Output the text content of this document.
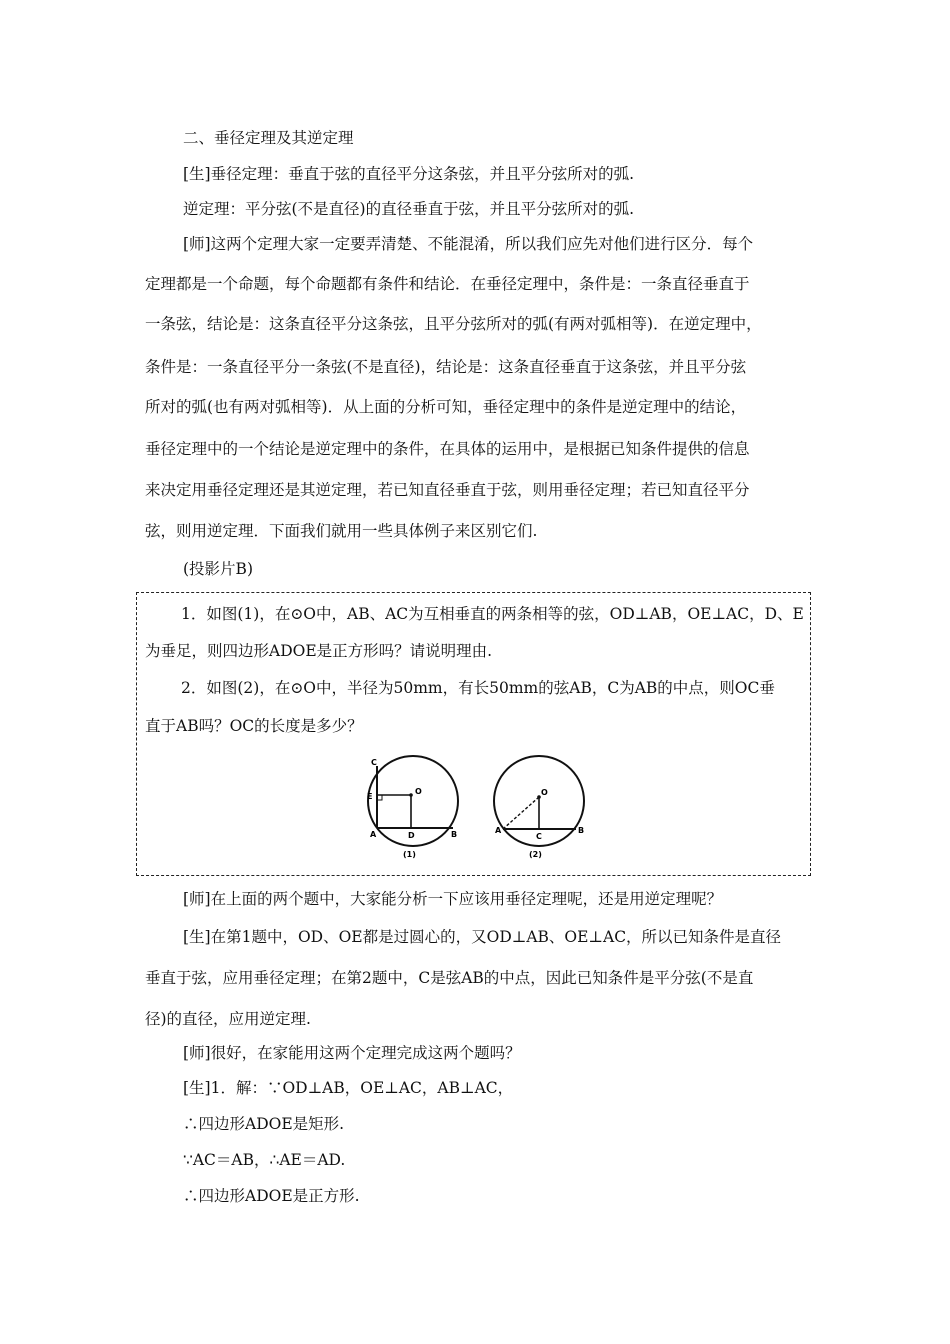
二、垂径定理及其逆定理
[生]垂径定理：垂直于弦的直径平分这条弦，并且平分弦所对的弧.
逆定理：平分弦(不是直径)的直径垂直于弦，并且平分弦所对的弧.
[师]这两个定理大家一定要弄清楚、不能混淆，所以我们应先对他们进行区分．每个
定理都是一个命题，每个命题都有条件和结论．在垂径定理中，条件是：一条直径垂直于
一条弦，结论是：这条直径平分这条弦，且平分弦所对的弧(有两对弧相等)．在逆定理中，
条件是：一条直径平分一条弦(不是直径)，结论是：这条直径垂直于这条弦，并且平分弦
所对的弧(也有两对弧相等)．从上面的分析可知，垂径定理中的条件是逆定理中的结论，
垂径定理中的一个结论是逆定理中的条件，在具体的运用中，是根据已知条件提供的信息
来决定用垂径定理还是其逆定理，若已知直径垂直于弦，则用垂径定理；若已知直径平分
弦，则用逆定理．下面我们就用一些具体例子来区别它们.
(投影片B)
1．如图(1)，在⊙O中，AB、AC为互相垂直的两条相等的弦，OD⊥AB，OE⊥AC，D、E
为垂足，则四边形ADOE是正方形吗？请说明理由.
2．如图(2)，在⊙O中，半径为50mm，有长50mm的弦AB，C为AB的中点，则OC垂
直于AB吗？OC的长度是多少？
C
E
O
A	D	B
(1)
O
A
C
B
(2)
[师]在上面的两个题中，大家能分析一下应该用垂径定理呢，还是用逆定理呢？
[生]在第1题中，OD、OE都是过圆心的，又OD⊥AB、OE⊥AC，所以已知条件是直径
垂直于弦，应用垂径定理；在第2题中，C是弦AB的中点，因此已知条件是平分弦(不是直
径)的直径，应用逆定理.
[师]很好，在家能用这两个定理完成这两个题吗？
[生]1．解：∵OD⊥AB，OE⊥AC，AB⊥AC，
∴四边形ADOE是矩形.
∵AC＝AB，∴AE＝AD.
∴四边形ADOE是正方形.
